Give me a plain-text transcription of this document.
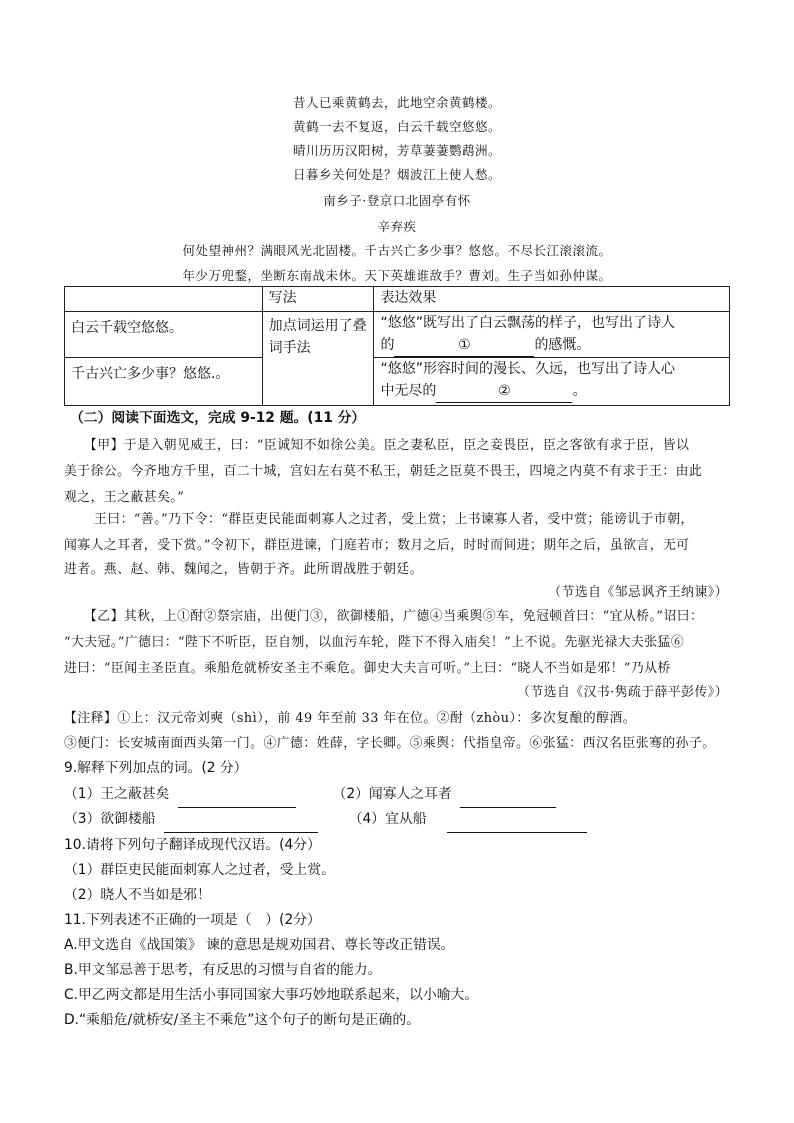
昔人已乘黄鹤去，此地空余黄鹤楼。
黄鹤一去不复返，白云千载空悠悠。
晴川历历汉阳树，芳草萋萋鹦鹉洲。
日暮乡关何处是？烟波江上使人愁。
南乡子·登京口北固亭有怀
辛弃疾
何处望神州？满眼风光北固楼。千古兴亡多少事？悠悠。不尽长江滚滚流。
年少万兜鍪，坐断东南战未休。天下英雄谁敌手？曹刘。生子当如孙仲谋。
	写法	表达效果
白云千载空悠悠。	加点词运用了叠词手法	“悠悠”既写出了白云飘荡的样子，也写出了诗人
的 ① 的感慨。

千古兴亡多少事？悠悠.。		“悠悠”形容时间的漫长、久远，也写出了诗人心
中无尽的 ② 。
（二）阅读下面选文，完成 9-12 题。(11 分）
【甲】于是入朝见威王，曰：“臣诚知不如徐公美。臣之妻私臣，臣之妾畏臣，臣之客欲有求于臣，皆以
美于徐公。今齐地方千里，百二十城，宫妇左右莫不私王，朝廷之臣莫不畏王，四境之内莫不有求于王：由此
观之，王之蔽甚矣。”
王曰：“善。”乃下令：“群臣吏民能面刺寡人之过者，受上赏；上书谏寡人者，受中赏；能谤讥于市朝，
闻寡人之耳者，受下赏。”令初下，群臣进谏，门庭若市；数月之后，时时而间进；期年之后，虽欲言，无可
进者。燕、赵、韩、魏闻之，皆朝于齐。此所谓战胜于朝廷。
（节选自《邹忌讽齐王纳谏》）
【乙】其秋，上①酎②祭宗庙，出便门③，欲御楼船，广德④当乘舆⑤车，免冠顿首曰：“宜从桥。”诏曰：
“大夫冠。”广德曰：“陛下不听臣，臣自刎，以血污车轮，陛下不得入庙矣！”上不说。先驱光禄大夫张猛⑥
进曰：“臣闻主圣臣直。乘船危就桥安圣主不乘危。御史大夫言可听。”上曰：“晓人不当如是邪！”乃从桥
（节选自《汉书·隽疏于薛平彭传》）
【注释】①上：汉元帝刘奭（shì），前 49 年至前 33 年在位。②酎（zhòu）：多次复酿的醇酒。
③便门：长安城南面西头第一门。④广德：姓薛，字长卿。⑤乘舆：代指皇帝。⑥张猛：西汉名臣张骞的孙子。
9.解释下列加点的词。(2 分）
（1）王之蔽甚矣	（2）闻寡人之耳者
（3）欲御楼船	（4）宜从船
10.请将下列句子翻译成现代汉语。(4分）
（1）群臣吏民能面刺寡人之过者，受上赏。
（2）晓人不当如是邪！
11.下列表述不正确的一项是（　）(2分）
A.甲文选自《战国策》 谏的意思是规劝国君、尊长等改正错误。
B.甲文邹忌善于思考，有反思的习惯与自省的能力。
C.甲乙两文都是用生活小事同国家大事巧妙地联系起来，以小喻大。
D.“乘船危/就桥安/圣主不乘危”这个句子的断句是正确的。
